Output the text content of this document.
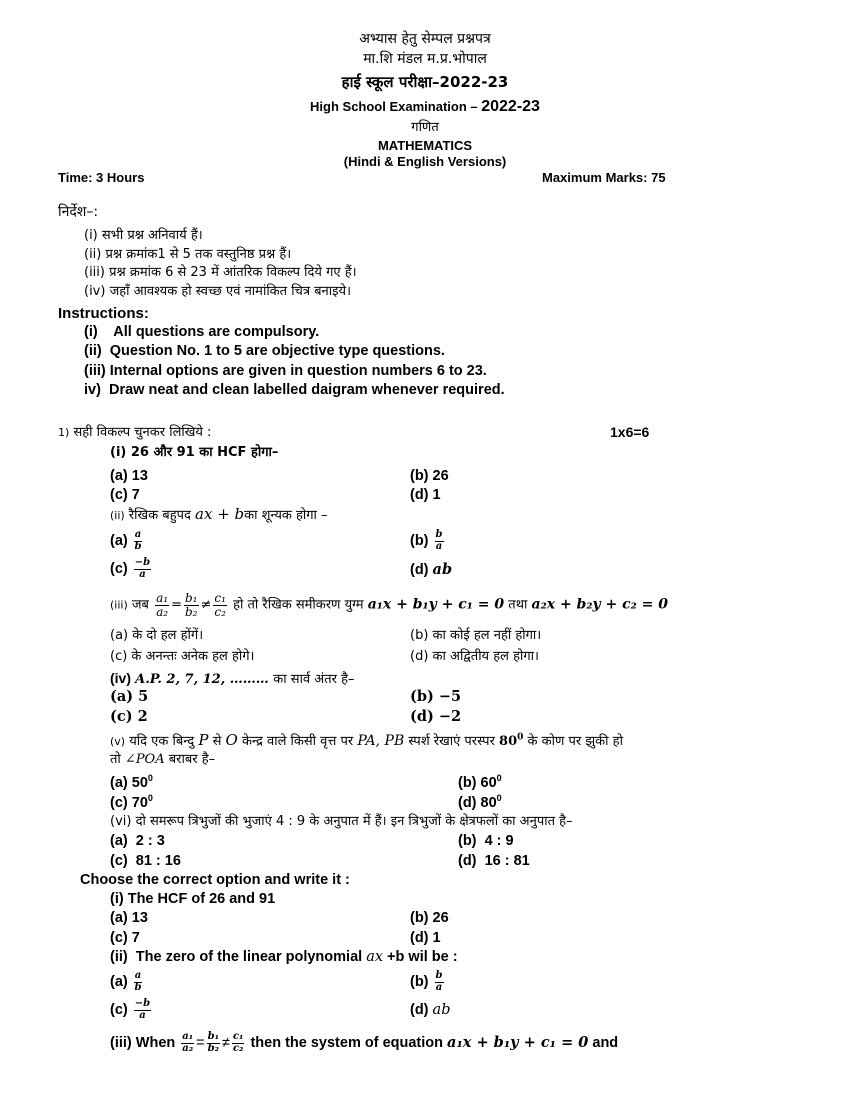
अभ्यास हेतु सेम्पल प्रश्नपत्र
मा.शि मंडल म.प्र.भोपाल
हाई स्कूल परीक्षा–2022-23
High School Examination – 2022-23
गणित
MATHEMATICS
(Hindi & English Versions)
Time: 3 Hours	Maximum Marks: 75
निर्देश–:
(i) सभी प्रश्न अनिवार्य हैं।
(ii) प्रश्न क्रमांक1 से 5 तक वस्तुनिष्ठ प्रश्न हैं।
(iii) प्रश्न क्रमांक 6 से 23 में आंतरिक विकल्प दिये गए हैं।
(iv) जहॉं आवश्यक हो स्वच्छ एवं नामांकित चित्र बनाइये।
Instructions:
(i)    All questions are compulsory.
(ii)  Question No. 1 to 5 are objective type questions.
(iii) Internal options are given in question numbers 6 to 23.
iv)  Draw neat and clean labelled daigram whenever required.
1) सही विकल्प चुनकर लिखिये :	1x6=6
(i) 26 और 91 का HCF होगा–
(a) 13	(b) 26
(c) 7	(d) 1
(ii) रैखिक बहुपद ax + bका शून्यक होगा –
$(a) \frac{a}{b}$	$(b) \frac{b}{a}$
$(c) \frac{-b}{a}$	(d) ab
(iii) जब $\frac{\text{a₁}}{\text{a₂}} = \frac{\text{b₁}}{\text{b₂}} \ne \frac{\text{c₁}}{\text{c₂}}$ हो तो रैखिक समीकरण युग्म a₁x + b₁y + c₁ = 0 तथा a₂x + b₂y + c₂ = 0
(a) के दो हल होंगें।	(b) का कोई हल नहीं होगा।
(c) के अनन्तः अनेक हल होगे।	(d) का अद्वितीय हल होगा।
(iv) A.P. 2, 7, 12, ……… का सार्व अंतर है–
(a) 5	(b) −5
(c) 2	(d) −2
(v) यदि एक बिन्दु P से O केन्द्र वाले किसी वृत्त पर PA, PB स्पर्श रेखाएं परस्पर $80^0$ के कोण पर झुकी हो
तो ∠POA बराबर है–
(a) $50^0$	(b) $60^0$
(c) $70^0$	(d) $80^0$
(vi) दो समरूप त्रिभुजों की भुजाएं 4 : 9 के अनुपात में हैं। इन त्रिभुजों के क्षेत्रफलों का अनुपात है–
(a)  2 : 3	(b)  4 : 9
(c)  81 : 16	(d)  16 : 81
Choose the correct option and write it :
(i) The HCF of 26 and 91
(a) 13	(b) 26
(c) 7	(d) 1
(ii)  The zero of the linear polynomial ax +b wil be :
$(a) \frac{a}{b}$	$(b) \frac{b}{a}$
$(c) \frac{-b}{a}$	(d) ab
(iii) When $\frac{\text{a₁}}{\text{a₂}} = \frac{\text{b₁}}{\text{b₂}} \ne \frac{\text{c₁}}{\text{c₂}}$ then the system of equation a₁x + b₁y + c₁ = 0 and
